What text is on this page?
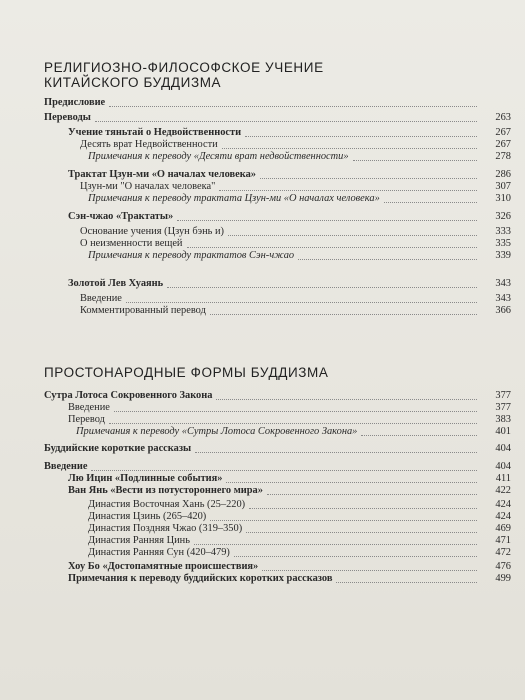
РЕЛИГИОЗНО-ФИЛОСОФСКОЕ УЧЕНИЕ
КИТАЙСКОГО БУДДИЗМА
Предисловие
Переводы	263
Учение тяньтай о Недвойственности	267
Десять врат Недвойственности	267
Примечания к переводу «Десяти врат недвойственности»	278
Трактат Цзун-ми «О началах человека»	286
Цзун-ми "О началах человека"	307
Примечания к переводу трактата Цзун-ми «О началах человека»	310
Сэн-чжао «Трактаты»	326
Основание учения (Цзун бэнь и)	333
О неизменности вещей	335
Примечания к переводу трактатов Сэн-чжао	339
Золотой Лев Хуаянь	343
Введение	343
Комментированный перевод	366
ПРОСТОНАРОДНЫЕ ФОРМЫ БУДДИЗМА
Сутра Лотоса Сокровенного Закона	377
Введение	377
Перевод	383
Примечания к переводу «Сутры Лотоса Сокровенного Закона»	401
Буддийские короткие рассказы	404
Введение	404
Лю Ицин «Подлинные события»	411
Ван Янь «Вести из потустороннего мира»	422
Династия Восточная Хань (25–220)	424
Династия Цзинь (265–420)	424
Династия Поздняя Чжао (319–350)	469
Династия Ранняя Цинь	471
Династия Ранняя Сун (420–479)	472
Хоу Бо «Достопамятные происшествия»	476
Примечания к переводу буддийских коротких рассказов	499
